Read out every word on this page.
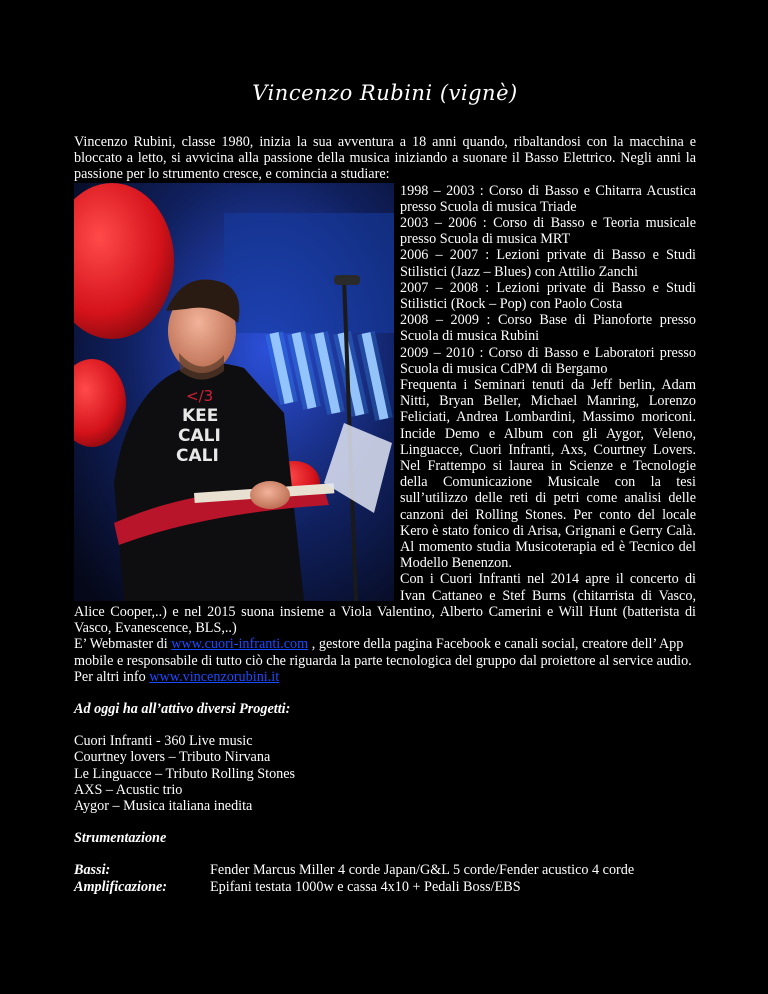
Vincenzo Rubini (vignè)

Vincenzo Rubini, classe 1980, inizia la sua avventura a 18 anni quando, ribaltandosi con la macchina e bloccato a letto, si avvicina alla passione della musica iniziando a suonare il Basso Elettrico. Negli anni la passione per lo strumento cresce, e comincia a studiare:

KEE
CALI
CALI
</3

1998 – 2003 : Corso di Basso e Chitarra Acustica presso Scuola di musica Triade

2003 – 2006 : Corso di Basso e Teoria musicale presso Scuola di musica MRT

2006 – 2007 : Lezioni private di Basso e Studi Stilistici (Jazz – Blues) con Attilio Zanchi

2007 – 2008 : Lezioni private di Basso e Studi Stilistici (Rock – Pop) con Paolo Costa

2008 – 2009 : Corso Base di Pianoforte presso Scuola di musica Rubini

2009 – 2010 : Corso di Basso e Laboratori presso Scuola di musica CdPM di Bergamo

Frequenta i Seminari tenuti da Jeff berlin, Adam Nitti, Bryan Beller, Michael Manring, Lorenzo Feliciati, Andrea Lombardini, Massimo moriconi. Incide Demo e Album con gli Aygor, Veleno, Linguacce, Cuori Infranti, Axs, Courtney Lovers. Nel Frattempo si laurea in Scienze e Tecnologie della Comunicazione Musicale con la tesi sull’utilizzo delle reti di petri come analisi delle canzoni dei Rolling Stones. Per conto del locale Kero è stato fonico di Arisa, Grignani e Gerry Calà. Al momento studia Musicoterapia ed è Tecnico del Modello Benenzon.

Con i Cuori Infranti nel 2014 apre il concerto di Ivan Cattaneo e Stef Burns (chitarrista di Vasco, Alice Cooper,..) e nel 2015 suona insieme a Viola Valentino, Alberto Camerini e Will Hunt (batterista di Vasco, Evanescence, BLS,..)

E’ Webmaster di www.cuori-infranti.com , gestore della pagina Facebook e canali social, creatore dell’ App mobile e responsabile di tutto ciò che riguarda la parte tecnologica del gruppo dal proiettore al service audio. Per altri info www.vincenzorubini.it

Ad oggi ha all’attivo diversi Progetti:
Cuori Infranti - 360 Live music
Courtney lovers – Tributo Nirvana
Le Linguacce – Tributo Rolling Stones
AXS – Acustic trio
Aygor – Musica italiana inedita
Strumentazione
Bassi:	Fender Marcus Miller 4 corde Japan/G&L 5 corde/Fender acustico 4 corde
Amplificazione:	Epifani testata 1000w e cassa 4x10 + Pedali Boss/EBS
